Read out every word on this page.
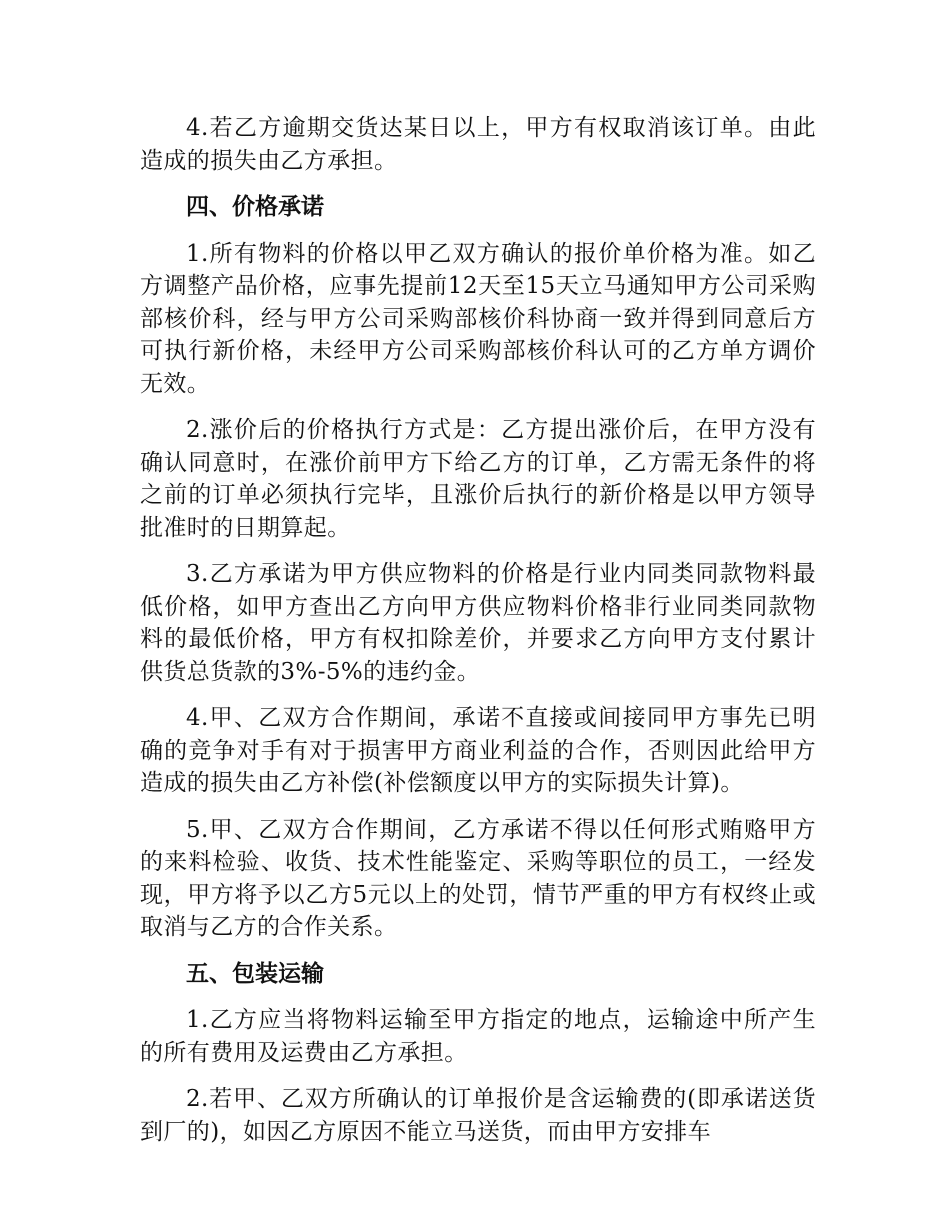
4.若乙方逾期交货达某日以上，甲方有权取消该订单。由此造成的损失由乙方承担。

四、价格承诺

1.所有物料的价格以甲乙双方确认的报价单价格为准。如乙方调整产品价格，应事先提前12天至15天立马通知甲方公司采购部核价科，经与甲方公司采购部核价科协商一致并得到同意后方可执行新价格，未经甲方公司采购部核价科认可的乙方单方调价无效。

2.涨价后的价格执行方式是：乙方提出涨价后，在甲方没有确认同意时，在涨价前甲方下给乙方的订单，乙方需无条件的将之前的订单必须执行完毕，且涨价后执行的新价格是以甲方领导批准时的日期算起。

3.乙方承诺为甲方供应物料的价格是行业内同类同款物料最低价格，如甲方查出乙方向甲方供应物料价格非行业同类同款物料的最低价格，甲方有权扣除差价，并要求乙方向甲方支付累计供货总货款的3%-5%的违约金。

4.甲、乙双方合作期间，承诺不直接或间接同甲方事先已明确的竞争对手有对于损害甲方商业利益的合作，否则因此给甲方造成的损失由乙方补偿(补偿额度以甲方的实际损失计算)。

5.甲、乙双方合作期间，乙方承诺不得以任何形式贿赂甲方的来料检验、收货、技术性能鉴定、采购等职位的员工，一经发现，甲方将予以乙方5元以上的处罚，情节严重的甲方有权终止或取消与乙方的合作关系。

五、包装运输

1.乙方应当将物料运输至甲方指定的地点，运输途中所产生的所有费用及运费由乙方承担。

2.若甲、乙双方所确认的订单报价是含运输费的(即承诺送货到厂的)，如因乙方原因不能立马送货，而由甲方安排车
